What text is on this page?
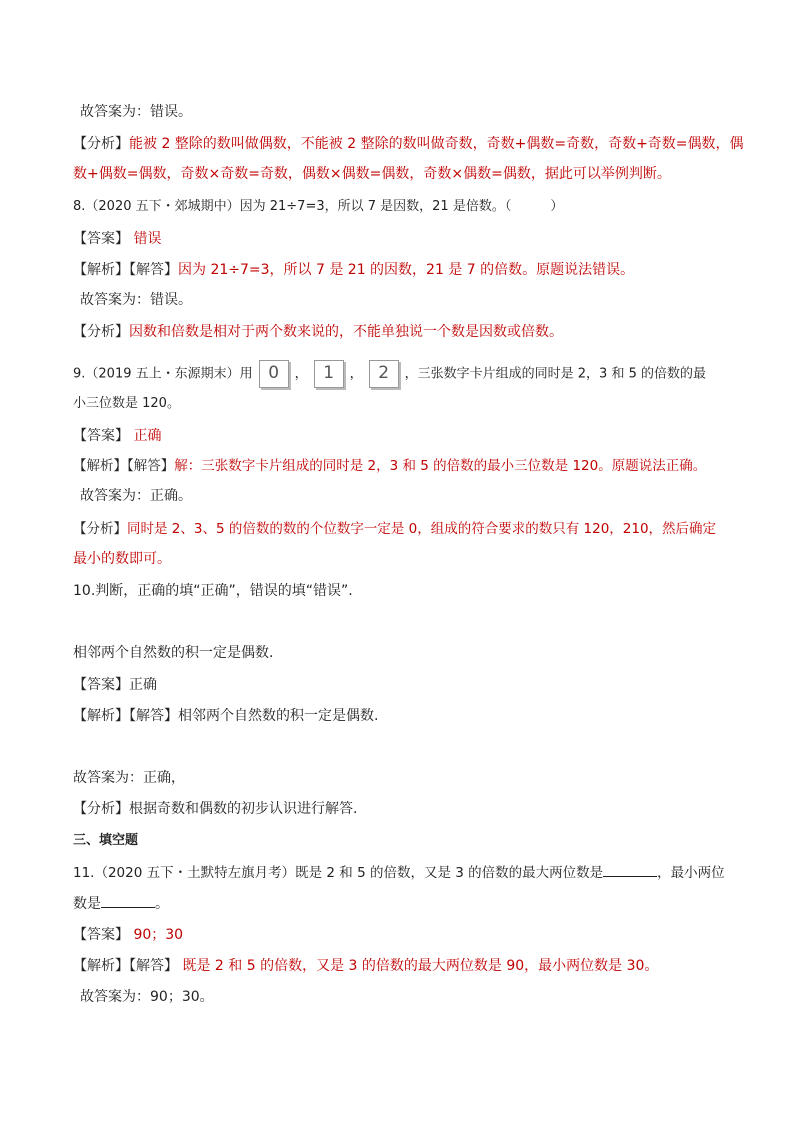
故答案为：错误。
【分析】能被 2 整除的数叫做偶数，不能被 2 整除的数叫做奇数，奇数+偶数=奇数，奇数+奇数=偶数，偶
数+偶数=偶数，奇数×奇数=奇数，偶数×偶数=偶数，奇数×偶数=偶数，据此可以举例判断。
8.（2020 五下・郊城期中）因为 21÷7=3，所以 7 是因数，21 是倍数。（　　　）
【答案】 错误
【解析】【解答】因为 21÷7=3，所以 7 是 21 的因数，21 是 7 的倍数。原题说法错误。
故答案为：错误。
【分析】因数和倍数是相对于两个数来说的，不能单独说一个数是因数或倍数。
9.（2019 五上・东源期末）用 0 ， 1 ， 2 ，三张数字卡片组成的同时是 2，3 和 5 的倍数的最
小三位数是 120。
【答案】 正确
【解析】【解答】解：三张数字卡片组成的同时是 2，3 和 5 的倍数的最小三位数是 120。原题说法正确。
故答案为：正确。
【分析】同时是 2、3、5 的倍数的数的个位数字一定是 0，组成的符合要求的数只有 120，210，然后确定
最小的数即可。
10.判断，正确的填“正确”，错误的填“错误”.
相邻两个自然数的积一定是偶数.
【答案】正确
【解析】【解答】相邻两个自然数的积一定是偶数.
故答案为：正确，
【分析】根据奇数和偶数的初步认识进行解答.
三、填空题
11.（2020 五下・土默特左旗月考）既是 2 和 5 的倍数，又是 3 的倍数的最大两位数是	，最小两位
数是	。
【答案】 90；30
【解析】【解答】 既是 2 和 5 的倍数，又是 3 的倍数的最大两位数是 90，最小两位数是 30。
故答案为：90；30。
